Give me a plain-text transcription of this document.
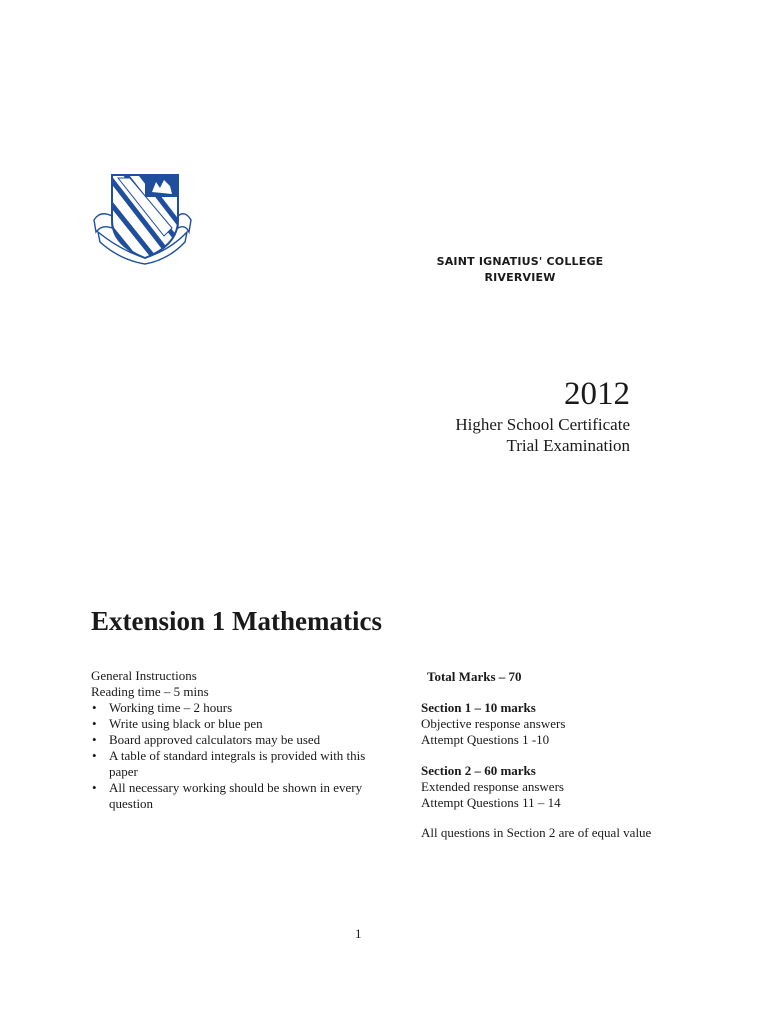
SAINT IGNATIUS' COLLEGE
RIVERVIEW
2012
Higher School Certificate
Trial Examination
Extension 1 Mathematics
General Instructions
Reading time – 5 mins
• Working time – 2 hours
• Write using black or blue pen
• Board approved calculators may be used
• A table of standard integrals is provided with this paper
• All necessary working should be shown in every question
Total Marks – 70
Section 1 – 10 marks
Objective response answers
Attempt Questions 1 -10
Section 2 – 60 marks
Extended response answers
Attempt Questions 11 – 14
All questions in Section 2 are of equal value
1
